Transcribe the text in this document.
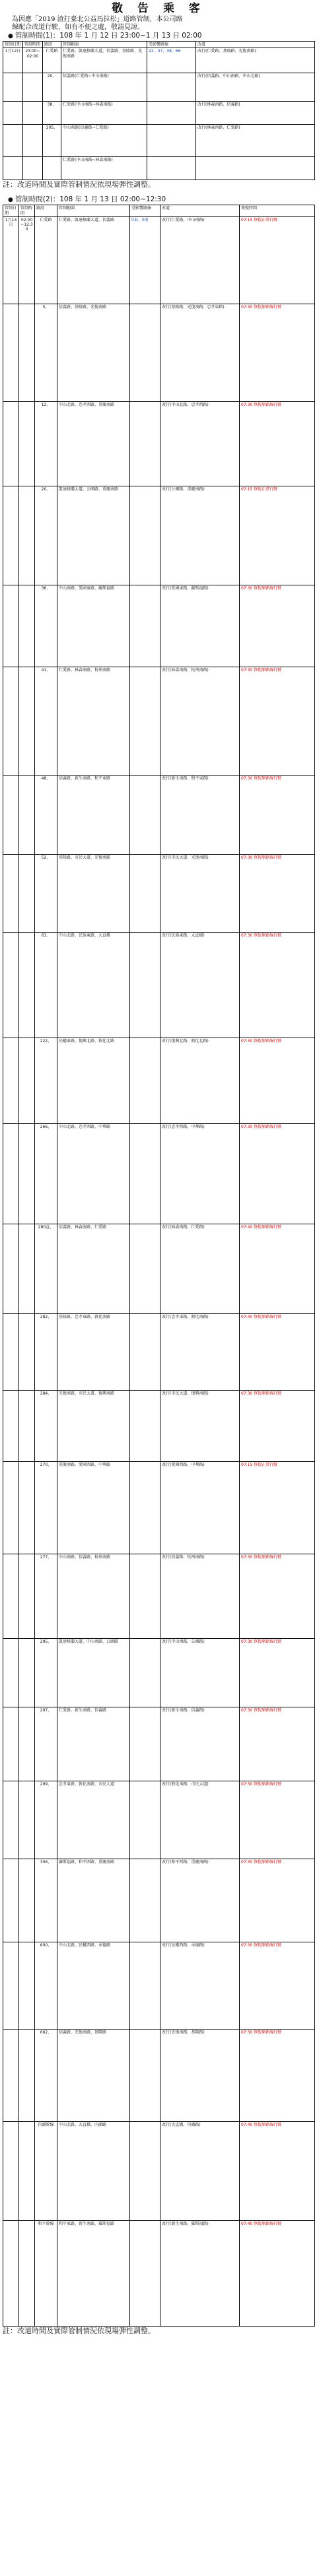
敬 告 乘 客

為因應「2019 渣打臺北公益馬拉松」道路管制，本公司路

線配合改道行駛，如有不便之處，敬請見諒。

● 管制時間(1)：108 年 1 月 12 日 23:00~1 月 13 日 02:00
管制日期	管制時間	路段	管制範圍	受影響路線	改道
1月12日	23:00~02:00	仁愛路	仁愛路、凱達格蘭大道、信義路、基隆路、光復南路	22、37、38、66	改行(仁愛路、基隆路、光復南路)
		20、	信義路(仁愛路~中山南路)		改行(信義路、中山南路、中山北路)
		38、	仁愛路(中山南路~林森南路)		改行(林森南路、信義路)
		205、	中山南路(信義路~仁愛路)		改行(林森南路、仁愛路)
			仁愛路(中山南路~林森南路)		
註：改道時間及實際管制情況依現場彈性調整。
● 管制時間(2)：108 年 1 月 13 日 02:00~12:30
管制日期	管制時間	路段	管制範圍	受影響路線	改道	恢復時間
1月13日	02:00~12:30	仁愛路	仁愛路、凱達格蘭大道、信義路	0東、0南	改行(仁愛路、中山南路)	07:15 恢復正常行駛
		5、	信義路、基隆路、光復南路		改行(基隆路、光復南路、忠孝東路)	07:30 恢復原路線行駛
		12、	中山北路、忠孝西路、重慶南路		改行(中山北路、忠孝西路)	07:30 恢復原路線行駛
		20、	凱達格蘭大道、公園路、重慶南路		改行(公園路、重慶南路)	07:15 恢復正常行駛
		36、	中山南路、愛國東路、羅斯福路		改行(愛國東路、羅斯福路)	07:30 恢復原路線行駛
		41、	仁愛路、林森南路、杭州南路		改行(林森南路、杭州南路)	07:30 恢復原路線行駛
		48、	信義路、新生南路、和平東路		改行(新生南路、和平東路)	07:30 恢復原路線行駛
		52、	基隆路、市民大道、光復南路		改行(市民大道、光復南路)	07:30 恢復原路線行駛
		63、	中山北路、民族東路、大直橋		改行(民族東路、大直橋)	07:30 恢復原路線行駛
		222、	民權東路、復興北路、敦化北路		改行(復興北路、敦化北路)	07:30 恢復原路線行駛
		266、	中山北路、忠孝西路、中華路		改行(忠孝西路、中華路)	07:30 恢復原路線行駛
		280直、	信義路、林森南路、仁愛路		改行(林森南路、仁愛路)	07:40 恢復原路線行駛
		282、	基隆路、忠孝東路、敦化南路		改行(忠孝東路、敦化南路)	07:40 恢復原路線行駛
		284、	光復南路、市民大道、復興南路		改行(市民大道、復興南路)	07:30 恢復原路線行駛
		270、	重慶南路、愛國西路、中華路		改行(愛國西路、中華路)	07:15 恢復正常行駛
		277、	中山南路、信義路、杭州南路		改行(信義路、杭州南路)	07:30 恢復原路線行駛
		295、	凱達格蘭大道、中山南路、公園路		改行(中山南路、公園路)	07:30 恢復原路線行駛
		297、	仁愛路、新生南路、信義路		改行(新生南路、信義路)	07:30 恢復原路線行駛
		299、	忠孝東路、敦化南路、市民大道		改行(敦化南路、市民大道)	07:30 恢復原路線行駛
		306、	羅斯福路、和平西路、重慶南路		改行(和平西路、重慶南路)	07:30 恢復原路線行駛
		600、	中山北路、民權西路、承德路		改行(民權西路、承德路)	07:30 恢復原路線行駛
		662、	信義路、光復南路、基隆路		改行(光復南路、基隆路)	07:30 恢復原路線行駛
		內湖幹線	中山北路、大直橋、內湖路		改行(大直橋、內湖路)	07:40 恢復原路線行駛
		和平幹線	和平東路、新生南路、羅斯福路		改行(新生南路、羅斯福路)	07:40 恢復原路線行駛
註：改道時間及實際管制情況依現場彈性調整。
